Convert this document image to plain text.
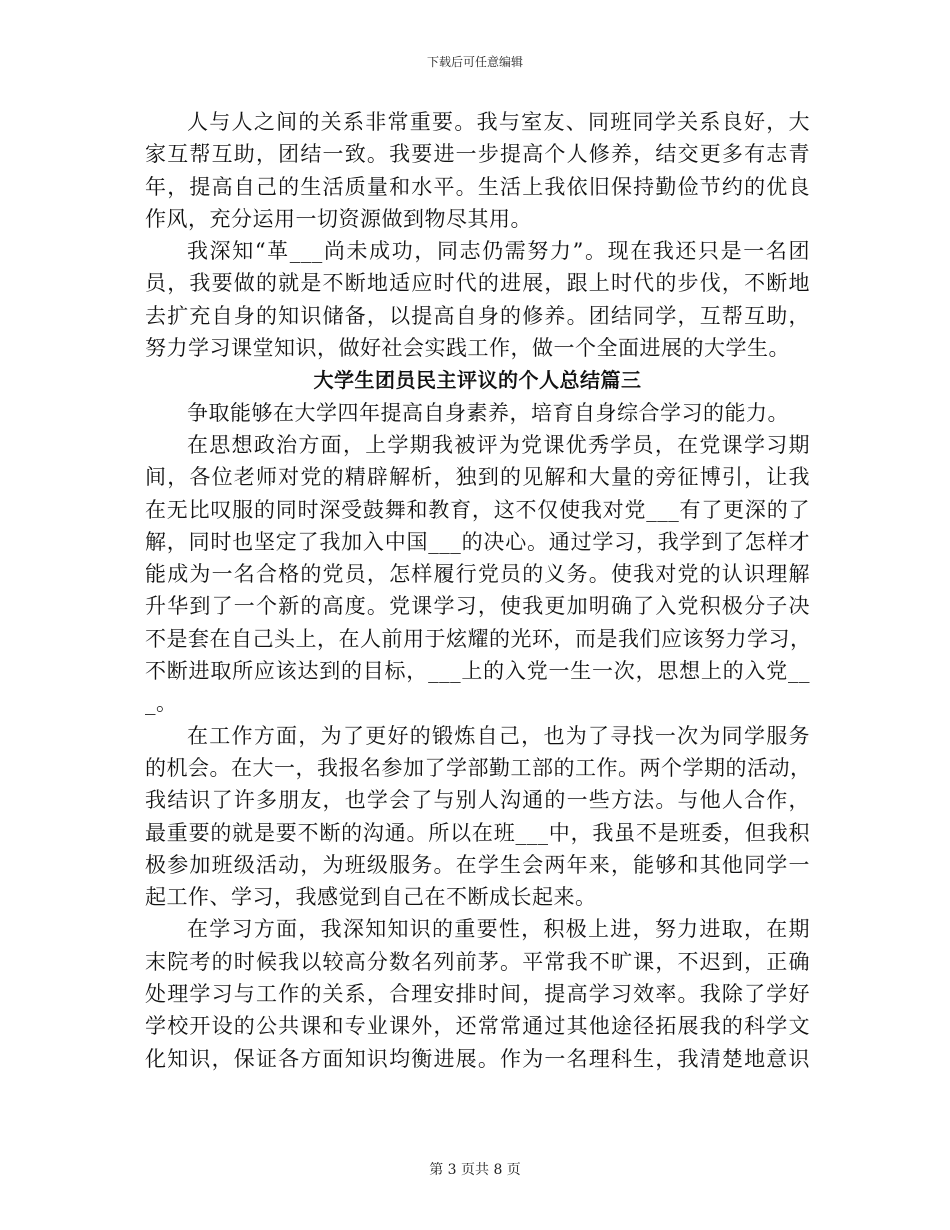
下载后可任意编辑
人与人之间的关系非常重要。我与室友、同班同学关系良好，大
家互帮互助，团结一致。我要进一步提高个人修养，结交更多有志青
年，提高自己的生活质量和水平。生活上我依旧保持勤俭节约的优良
作风，充分运用一切资源做到物尽其用。
我深知“革___尚未成功，同志仍需努力”。现在我还只是一名团
员，我要做的就是不断地适应时代的进展，跟上时代的步伐，不断地
去扩充自身的知识储备，以提高自身的修养。团结同学，互帮互助，
努力学习课堂知识，做好社会实践工作，做一个全面进展的大学生。
大学生团员民主评议的个人总结篇三
争取能够在大学四年提高自身素养，培育自身综合学习的能力。
在思想政治方面，上学期我被评为党课优秀学员，在党课学习期
间，各位老师对党的精辟解析，独到的见解和大量的旁征博引，让我
在无比叹服的同时深受鼓舞和教育，这不仅使我对党___有了更深的了
解，同时也坚定了我加入中国___的决心。通过学习，我学到了怎样才
能成为一名合格的党员，怎样履行党员的义务。使我对党的认识理解
升华到了一个新的高度。党课学习，使我更加明确了入党积极分子决
不是套在自己头上，在人前用于炫耀的光环，而是我们应该努力学习，
不断进取所应该达到的目标，___上的入党一生一次，思想上的入党__
_。
在工作方面，为了更好的锻炼自己，也为了寻找一次为同学服务
的机会。在大一，我报名参加了学部勤工部的工作。两个学期的活动，
我结识了许多朋友，也学会了与别人沟通的一些方法。与他人合作，
最重要的就是要不断的沟通。所以在班___中，我虽不是班委，但我积
极参加班级活动，为班级服务。在学生会两年来，能够和其他同学一
起工作、学习，我感觉到自己在不断成长起来。
在学习方面，我深知知识的重要性，积极上进，努力进取，在期
末院考的时候我以较高分数名列前茅。平常我不旷课，不迟到，正确
处理学习与工作的关系，合理安排时间，提高学习效率。我除了学好
学校开设的公共课和专业课外，还常常通过其他途径拓展我的科学文
化知识，保证各方面知识均衡进展。作为一名理科生，我清楚地意识
第 3 页共 8 页
